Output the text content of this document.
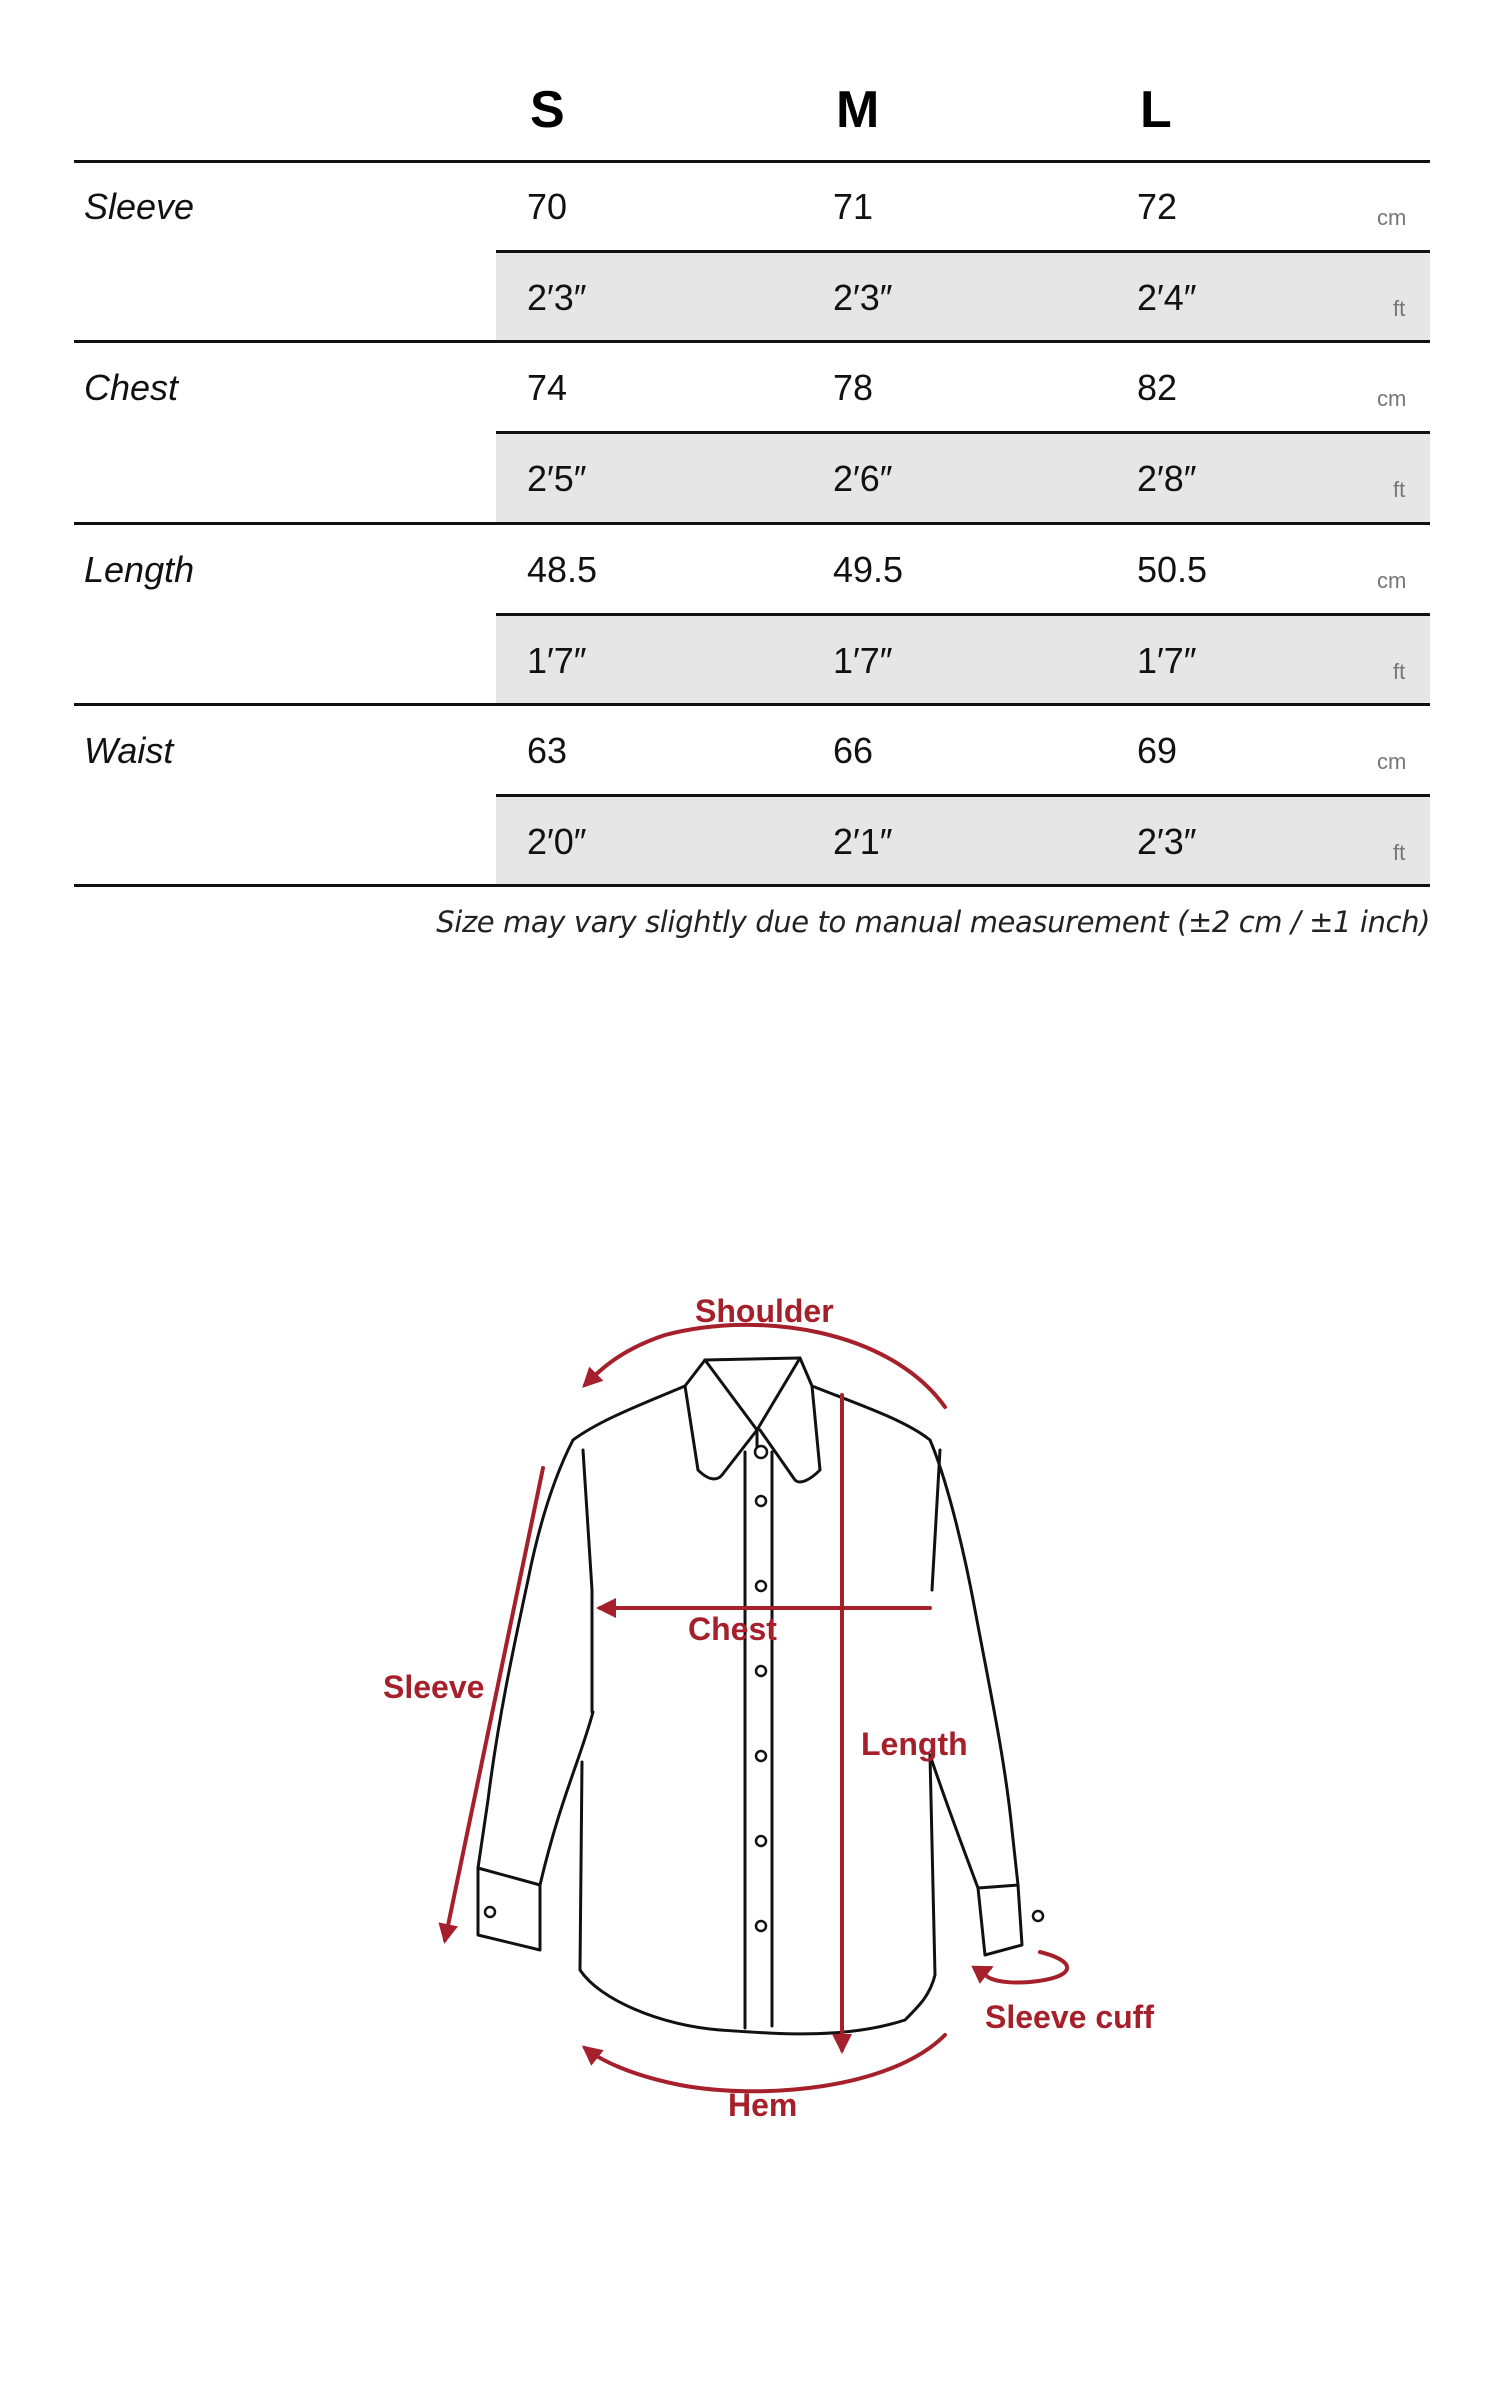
S	M	L
Sleeve	70	71	72	cm
2′3″	2′3″	2′4″	ft
Chest	74	78	82	cm
2′5″	2′6″	2′8″	ft
Length	48.5	49.5	50.5	cm
1′7″	1′7″	1′7″	ft
Waist	63	66	69	cm
2′0″	2′1″	2′3″	ft
Size may vary slightly due to manual measurement (±2 cm / ±1 inch)
Shoulder
Chest
Sleeve
Length
Sleeve cuff
Hem
